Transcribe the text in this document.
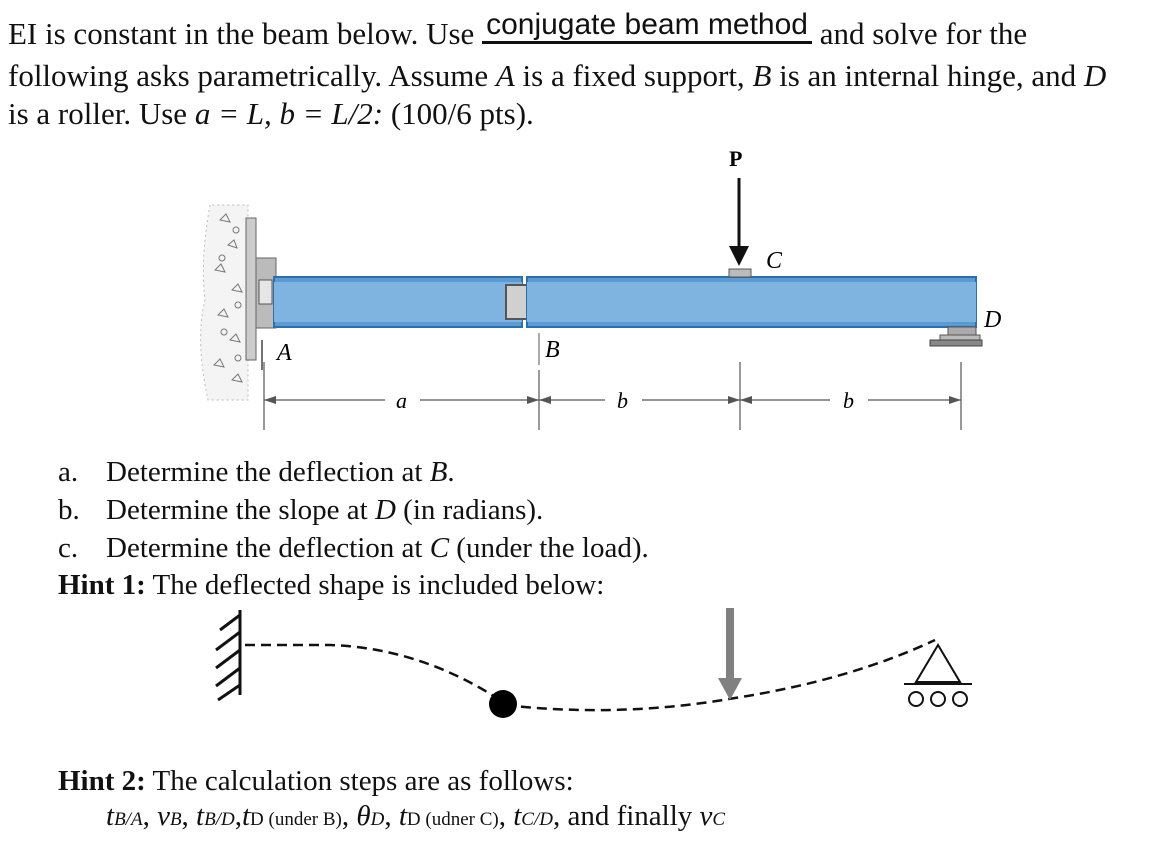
EI is constant in the beam below. Use conjugate beam method and solve for the
following asks parametrically. Assume A is a fixed support, B is an internal hinge, and D
is a roller. Use a = L, b = L/2: (100/6 pts).
P
C
D
A	B
a	b	b
a. Determine the deflection at B.
b. Determine the slope at D (in radians).
c. Determine the deflection at C (under the load).
Hint 1: The deflected shape is included below:
Hint 2: The calculation steps are as follows:
tB/A, vB, tB/D,tD (under B), θD, tD (udner C), tC/D, and finally vC
